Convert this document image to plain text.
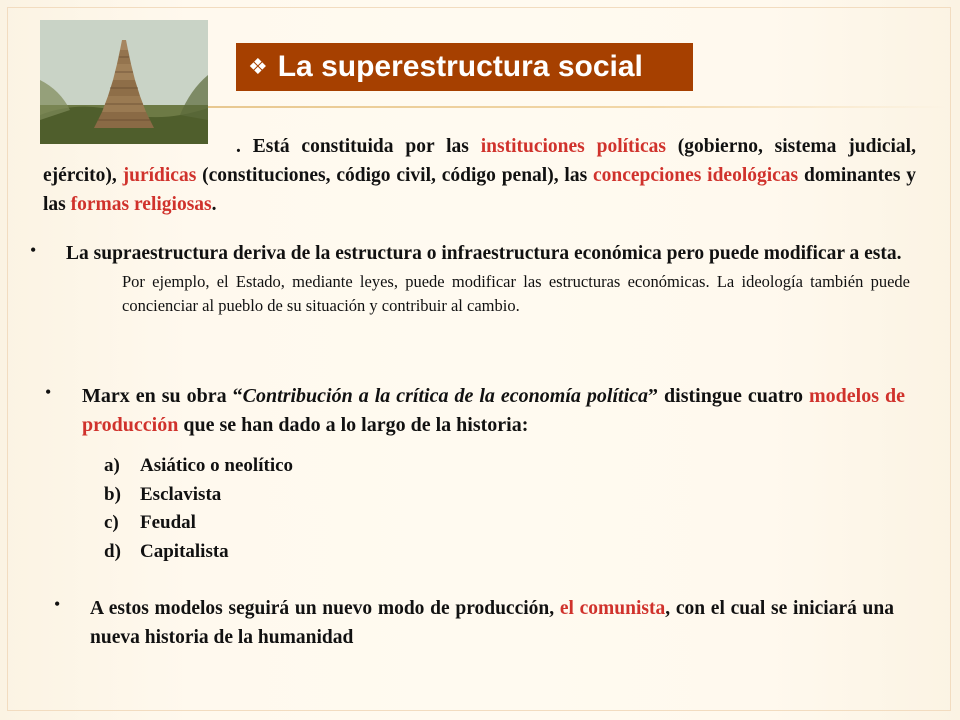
❖ La superestructura social

. Está constituida por las instituciones políticas (gobierno, sistema judicial, ejército), jurídicas (constituciones, código civil, código penal), las concepciones ideológicas dominantes y las formas religiosas.

• La supraestructura deriva de la estructura o infraestructura económica pero puede modificar a esta.
Por ejemplo, el Estado, mediante leyes, puede modificar las estructuras económicas. La ideología también puede concienciar al pueblo de su situación y contribuir al cambio.
• Marx en su obra “Contribución a la crítica de la economía política” distingue cuatro modelos de producción que se han dado a lo largo de la historia:
a) Asiático o neolítico
b) Esclavista
c) Feudal
d) Capitalista
• A estos modelos seguirá un nuevo modo de producción, el comunista, con el cual se iniciará una nueva historia de la humanidad
